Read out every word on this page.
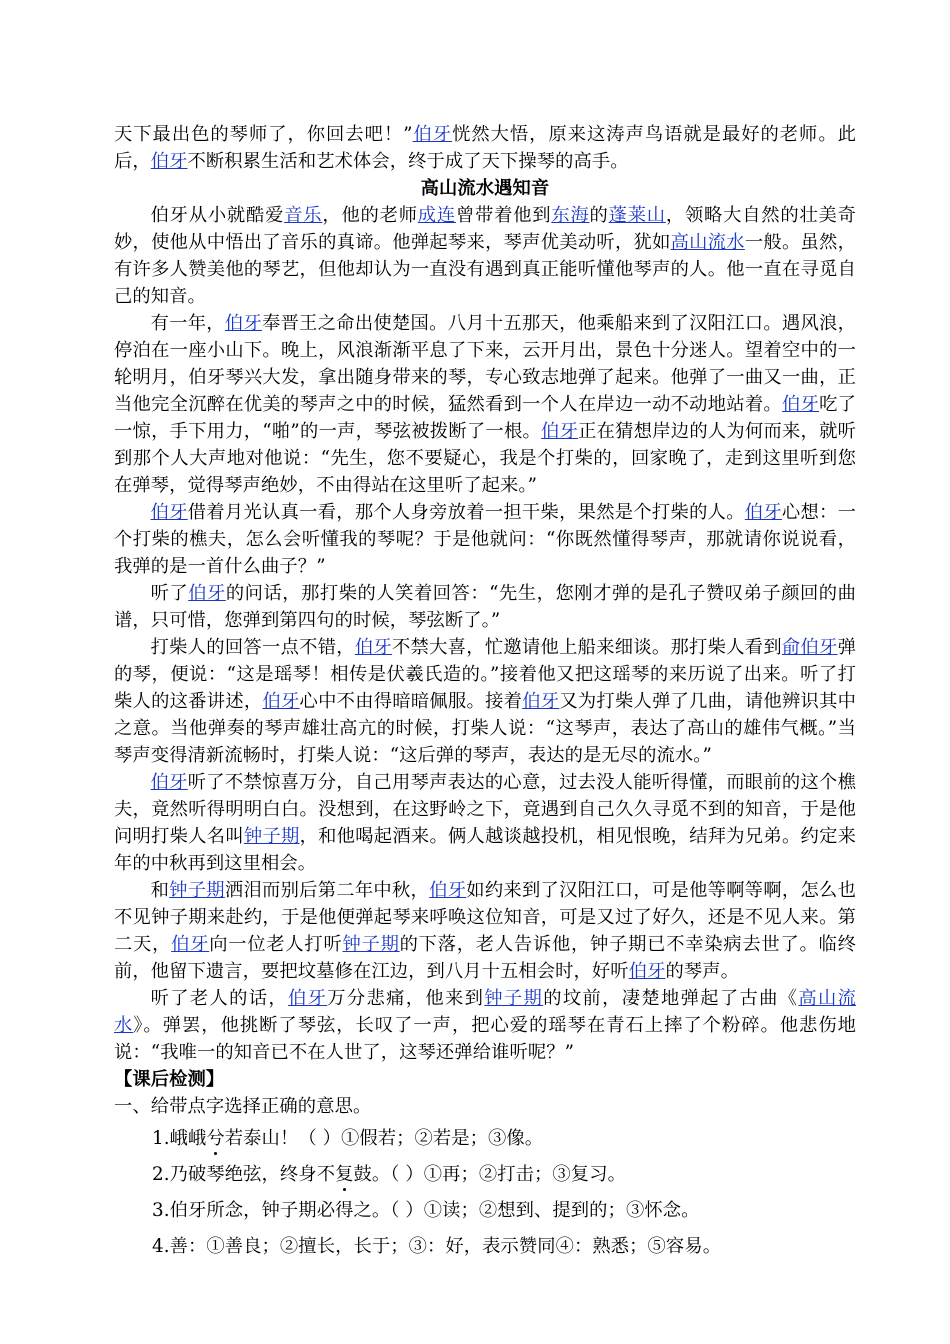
天下最出色的琴师了，你回去吧！”伯牙恍然大悟，原来这涛声鸟语就是最好的老师。此后，伯牙不断积累生活和艺术体会，终于成了天下操琴的高手。
高山流水遇知音
伯牙从小就酷爱音乐，他的老师成连曾带着他到东海的蓬莱山，领略大自然的壮美奇妙，使他从中悟出了音乐的真谛。他弹起琴来，琴声优美动听，犹如高山流水一般。虽然，有许多人赞美他的琴艺，但他却认为一直没有遇到真正能听懂他琴声的人。他一直在寻觅自己的知音。
有一年，伯牙奉晋王之命出使楚国。八月十五那天，他乘船来到了汉阳江口。遇风浪，停泊在一座小山下。晚上，风浪渐渐平息了下来，云开月出，景色十分迷人。望着空中的一轮明月，伯牙琴兴大发，拿出随身带来的琴，专心致志地弹了起来。他弹了一曲又一曲，正当他完全沉醉在优美的琴声之中的时候，猛然看到一个人在岸边一动不动地站着。伯牙吃了一惊，手下用力，“啪”的一声，琴弦被拨断了一根。伯牙正在猜想岸边的人为何而来，就听到那个人大声地对他说：“先生，您不要疑心，我是个打柴的，回家晚了，走到这里听到您在弹琴，觉得琴声绝妙，不由得站在这里听了起来。”
伯牙借着月光认真一看，那个人身旁放着一担干柴，果然是个打柴的人。伯牙心想：一个打柴的樵夫，怎么会听懂我的琴呢？于是他就问：“你既然懂得琴声，那就请你说说看，我弹的是一首什么曲子？”
听了伯牙的问话，那打柴的人笑着回答：“先生，您刚才弹的是孔子赞叹弟子颜回的曲谱，只可惜，您弹到第四句的时候，琴弦断了。”
打柴人的回答一点不错，伯牙不禁大喜，忙邀请他上船来细谈。那打柴人看到俞伯牙弹的琴，便说：“这是瑶琴！相传是伏羲氏造的。”接着他又把这瑶琴的来历说了出来。听了打柴人的这番讲述，伯牙心中不由得暗暗佩服。接着伯牙又为打柴人弹了几曲，请他辨识其中之意。当他弹奏的琴声雄壮高亢的时候，打柴人说：“这琴声，表达了高山的雄伟气概。”当琴声变得清新流畅时，打柴人说：“这后弹的琴声，表达的是无尽的流水。”
伯牙听了不禁惊喜万分，自己用琴声表达的心意，过去没人能听得懂，而眼前的这个樵夫，竟然听得明明白白。没想到，在这野岭之下，竟遇到自己久久寻觅不到的知音，于是他问明打柴人名叫钟子期，和他喝起酒来。俩人越谈越投机，相见恨晚，结拜为兄弟。约定来年的中秋再到这里相会。
和钟子期洒泪而别后第二年中秋，伯牙如约来到了汉阳江口，可是他等啊等啊，怎么也不见钟子期来赴约，于是他便弹起琴来呼唤这位知音，可是又过了好久，还是不见人来。第二天，伯牙向一位老人打听钟子期的下落，老人告诉他，钟子期已不幸染病去世了。临终前，他留下遗言，要把坟墓修在江边，到八月十五相会时，好听伯牙的琴声。
听了老人的话，伯牙万分悲痛，他来到钟子期的坟前，凄楚地弹起了古曲《高山流水》。弹罢，他挑断了琴弦，长叹了一声，把心爱的瑶琴在青石上摔了个粉碎。他悲伤地说：“我唯一的知音已不在人世了，这琴还弹给谁听呢？”
【课后检测】
一、给带点字选择正确的意思。
1.峨峨兮若泰山！（ ）①假若；②若是；③像。
2.乃破琴绝弦，终身不复鼓。（ ）①再；②打击；③复习。
3.伯牙所念，钟子期必得之。（ ）①读；②想到、提到的；③怀念。
4.善：①善良；②擅长，长于；③：好，表示赞同④：熟悉；⑤容易。
